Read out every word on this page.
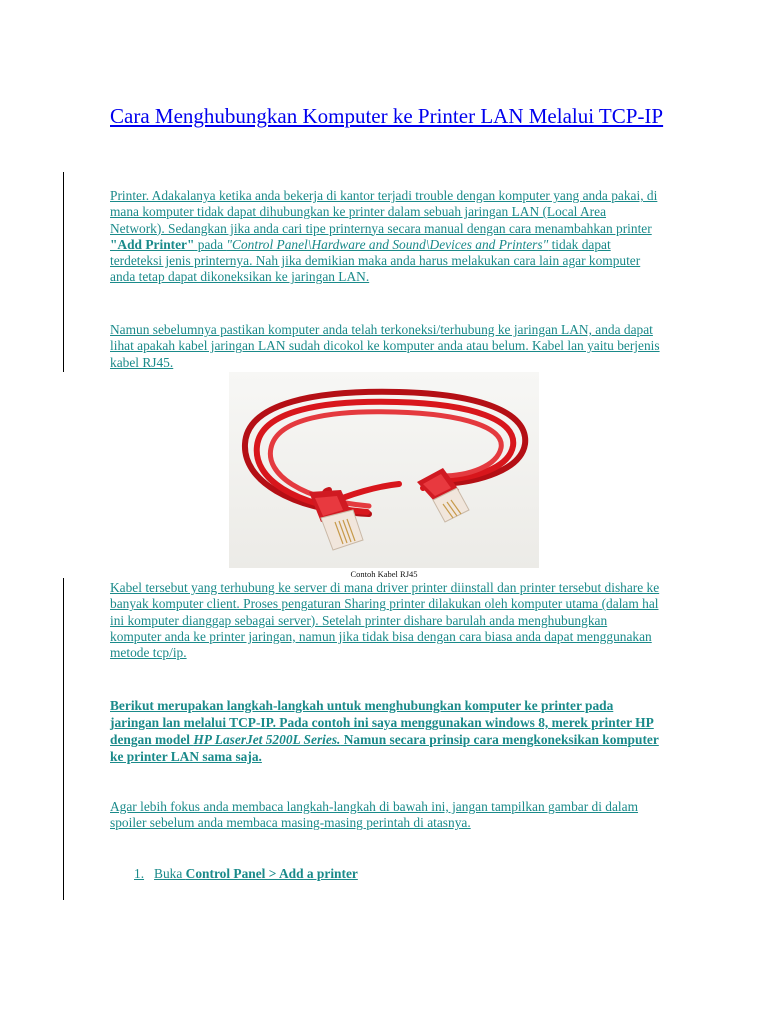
Cara Menghubungkan Komputer ke Printer LAN Melalui TCP-IP

Printer. Adakalanya ketika anda bekerja di kantor terjadi trouble dengan komputer yang anda pakai, di mana komputer tidak dapat dihubungkan ke printer dalam sebuah jaringan LAN (Local Area Network). Sedangkan jika anda cari tipe printernya secara manual dengan cara menambahkan printer "Add Printer" pada "Control Panel\Hardware and Sound\Devices and Printers" tidak dapat terdeteksi jenis printernya. Nah jika demikian maka anda harus melakukan cara lain agar komputer anda tetap dapat dikoneksikan ke jaringan LAN.

Namun sebelumnya pastikan komputer anda telah terkoneksi/terhubung ke jaringan LAN, anda dapat lihat apakah kabel jaringan LAN sudah dicokol ke komputer anda atau belum. Kabel lan yaitu berjenis kabel RJ45.

Contoh Kabel RJ45

Kabel tersebut yang terhubung ke server di mana driver printer diinstall dan printer tersebut dishare ke banyak komputer client. Proses pengaturan Sharing printer dilakukan oleh komputer utama (dalam hal ini komputer dianggap sebagai server). Setelah printer dishare barulah anda menghubungkan komputer anda ke printer jaringan, namun jika tidak bisa dengan cara biasa anda dapat menggunakan metode tcp/ip.

Berikut merupakan langkah-langkah untuk menghubungkan komputer ke printer pada jaringan lan melalui TCP-IP. Pada contoh ini saya menggunakan windows 8, merek printer HP dengan model HP LaserJet 5200L Series. Namun secara prinsip cara mengkoneksikan komputer ke printer LAN sama saja.

Agar lebih fokus anda membaca langkah-langkah di bawah ini, jangan tampilkan gambar di dalam spoiler sebelum anda membaca masing-masing perintah di atasnya.

1. Buka Control Panel > Add a printer
